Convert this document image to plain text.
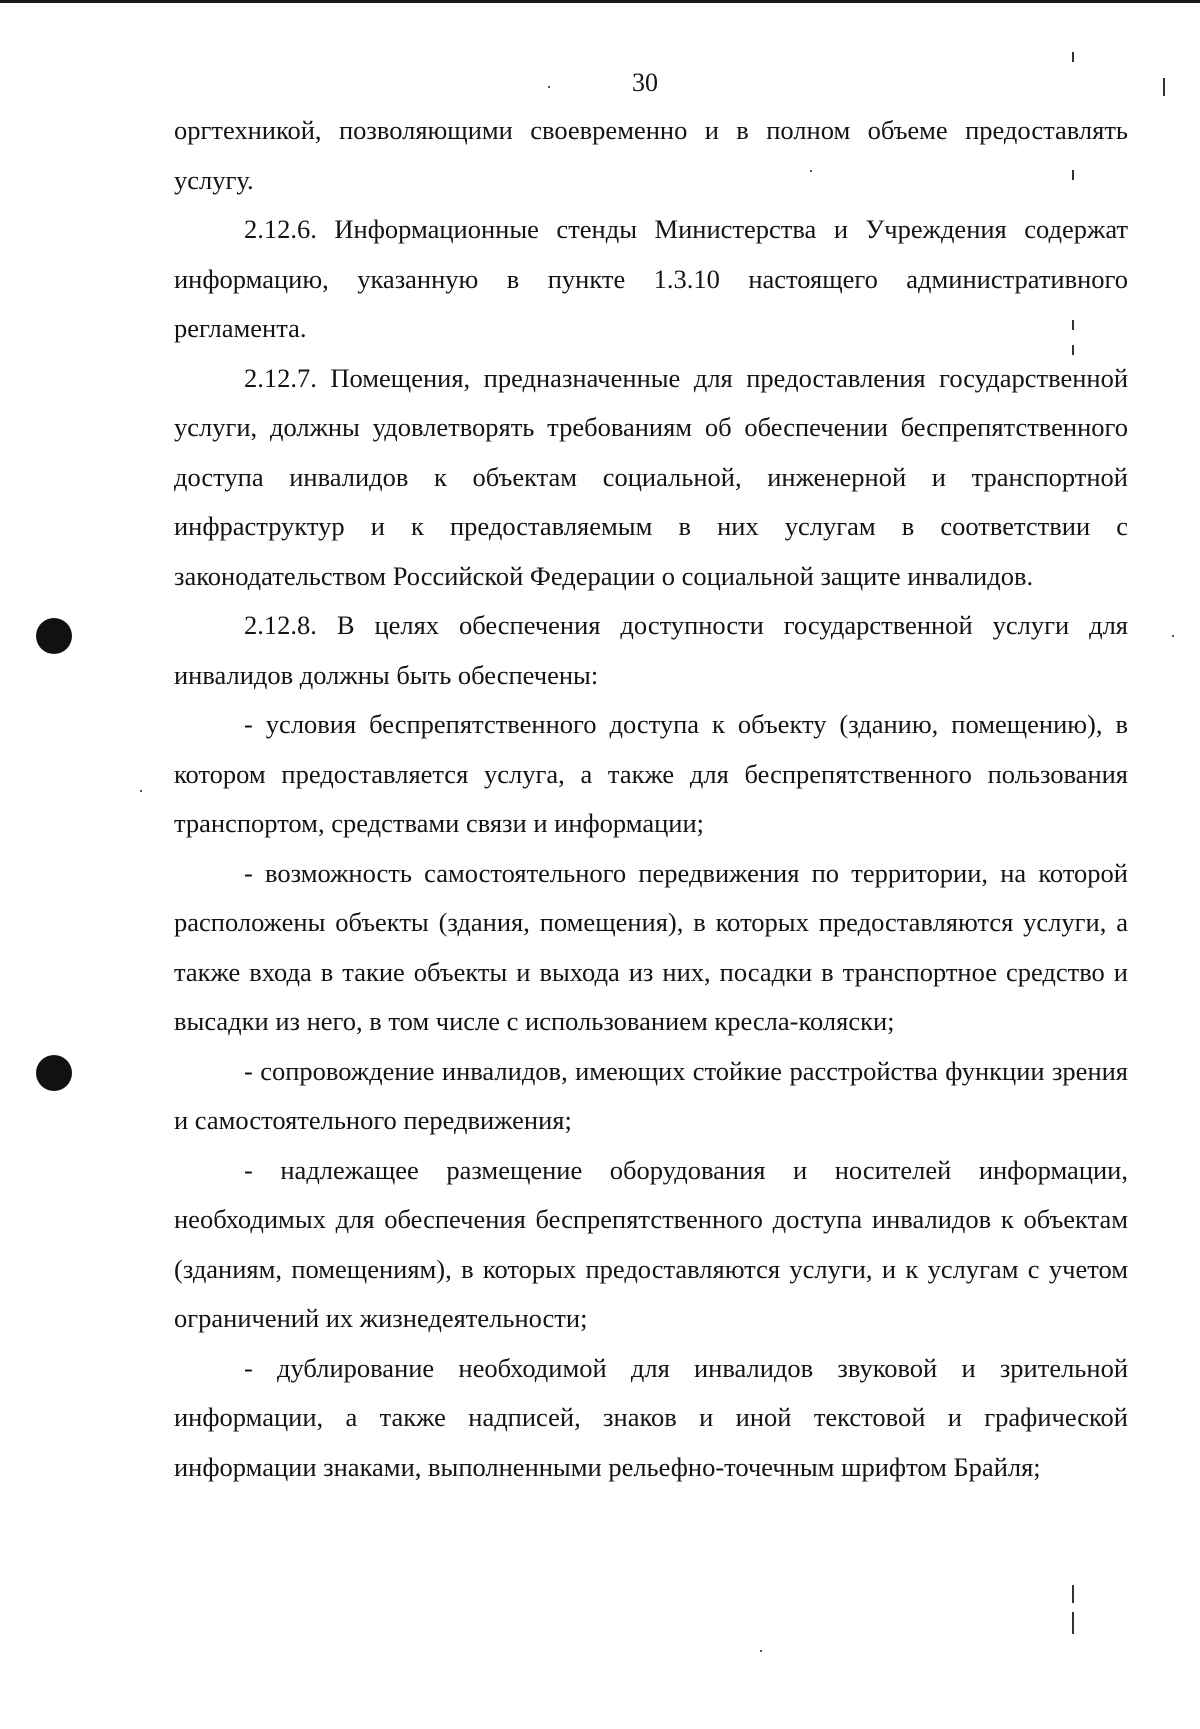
30

оргтехникой, позволяющими своевременно и в полном объеме предоставлять услугу.

2.12.6. Информационные стенды Министерства и Учреждения содержат информацию, указанную в пункте 1.3.10 настоящего административного регламента.

2.12.7. Помещения, предназначенные для предоставления государственной услуги, должны удовлетворять требованиям об обеспечении беспрепятственного доступа инвалидов к объектам социальной, инженерной и транспортной инфраструктур и к предоставляемым в них услугам в соответствии с законодательством Российской Федерации о социальной защите инвалидов.

2.12.8. В целях обеспечения доступности государственной услуги для инвалидов должны быть обеспечены:

- условия беспрепятственного доступа к объекту (зданию, помещению), в котором предоставляется услуга, а также для беспрепятственного пользования транспортом, средствами связи и информации;

- возможность самостоятельного передвижения по территории, на которой расположены объекты (здания, помещения), в которых предоставляются услуги, а также входа в такие объекты и выхода из них, посадки в транспортное средство и высадки из него, в том числе с использованием кресла-коляски;

- сопровождение инвалидов, имеющих стойкие расстройства функции зрения и самостоятельного передвижения;

- надлежащее размещение оборудования и носителей информации, необходимых для обеспечения беспрепятственного доступа инвалидов к объектам (зданиям, помещениям), в которых предоставляются услуги, и к услугам с учетом ограничений их жизнедеятельности;

- дублирование необходимой для инвалидов звуковой и зрительной информации, а также надписей, знаков и иной текстовой и графической информации знаками, выполненными рельефно-точечным шрифтом Брайля;
